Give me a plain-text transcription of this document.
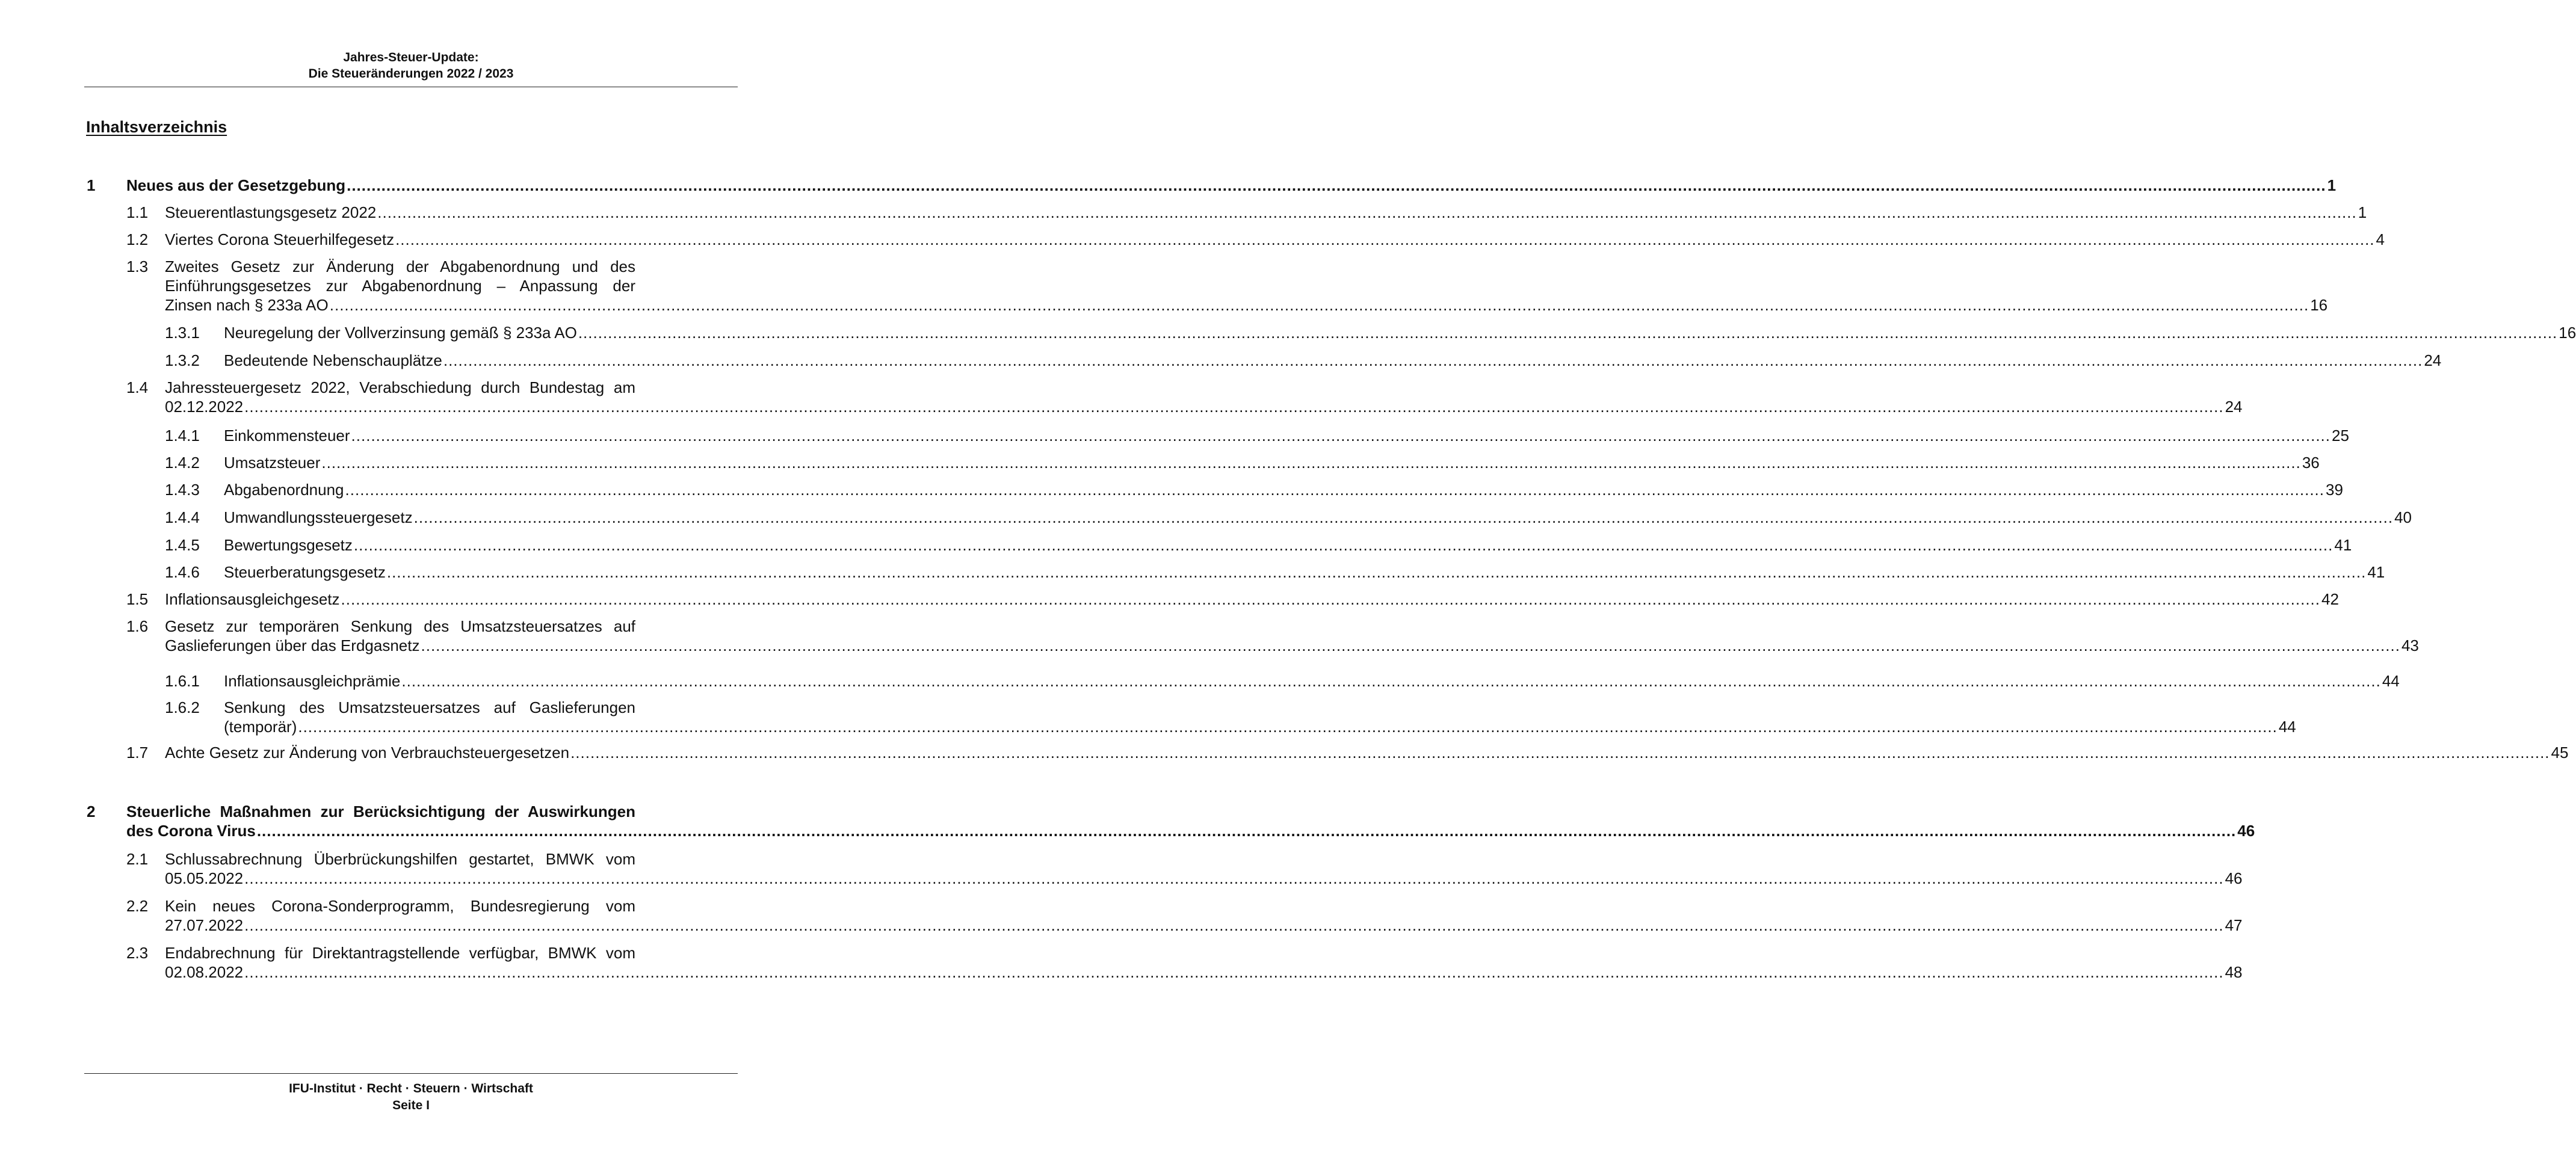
Jahres-Steuer-Update:
Die Steueränderungen 2022 / 2023
Inhaltsverzeichnis
1 Neues aus der Gesetzgebung ................................................................................................................................................................................................................................................................................................................................................................................................................ 1
1.1 Steuerentlastungsgesetz 2022 ................................................................................................................................................................................................................................................................................................................................................................................................................ 1
1.2 Viertes Corona Steuerhilfegesetz ................................................................................................................................................................................................................................................................................................................................................................................................................ 4
1.3 Zweites Gesetz zur Änderung der Abgabenordnung und des
Einführungsgesetzes zur Abgabenordnung – Anpassung der
Zinsen nach § 233a AO ................................................................................................................................................................................................................................................................................................................................................................................................................ 16
1.3.1 Neuregelung der Vollverzinsung gemäß § 233a AO ................................................................................................................................................................................................................................................................................................................................................................................................................ 16
1.3.2 Bedeutende Nebenschauplätze ................................................................................................................................................................................................................................................................................................................................................................................................................ 24
1.4 Jahressteuergesetz 2022, Verabschiedung durch Bundestag am
02.12.2022 ................................................................................................................................................................................................................................................................................................................................................................................................................ 24
1.4.1 Einkommensteuer ................................................................................................................................................................................................................................................................................................................................................................................................................ 25
1.4.2 Umsatzsteuer ................................................................................................................................................................................................................................................................................................................................................................................................................ 36
1.4.3 Abgabenordnung ................................................................................................................................................................................................................................................................................................................................................................................................................ 39
1.4.4 Umwandlungssteuergesetz ................................................................................................................................................................................................................................................................................................................................................................................................................ 40
1.4.5 Bewertungsgesetz ................................................................................................................................................................................................................................................................................................................................................................................................................ 41
1.4.6 Steuerberatungsgesetz ................................................................................................................................................................................................................................................................................................................................................................................................................ 41
1.5 Inflationsausgleichgesetz ................................................................................................................................................................................................................................................................................................................................................................................................................ 42
1.6 Gesetz zur temporären Senkung des Umsatzsteuersatzes auf
Gaslieferungen über das Erdgasnetz ................................................................................................................................................................................................................................................................................................................................................................................................................ 43
1.6.1 Inflationsausgleichprämie ................................................................................................................................................................................................................................................................................................................................................................................................................ 44
1.6.2 Senkung des Umsatzsteuersatzes auf Gaslieferungen
(temporär) ................................................................................................................................................................................................................................................................................................................................................................................................................ 44
1.7 Achte Gesetz zur Änderung von Verbrauchsteuergesetzen ................................................................................................................................................................................................................................................................................................................................................................................................................ 45
2 Steuerliche Maßnahmen zur Berücksichtigung der Auswirkungen
des Corona Virus ................................................................................................................................................................................................................................................................................................................................................................................................................ 46
2.1 Schlussabrechnung Überbrückungshilfen gestartet, BMWK vom
05.05.2022 ................................................................................................................................................................................................................................................................................................................................................................................................................ 46
2.2 Kein neues Corona-Sonderprogramm, Bundesregierung vom
27.07.2022 ................................................................................................................................................................................................................................................................................................................................................................................................................ 47
2.3 Endabrechnung für Direktantragstellende verfügbar, BMWK vom
02.08.2022 ................................................................................................................................................................................................................................................................................................................................................................................................................ 48
IFU-Institut · Recht · Steuern · Wirtschaft
Seite I
